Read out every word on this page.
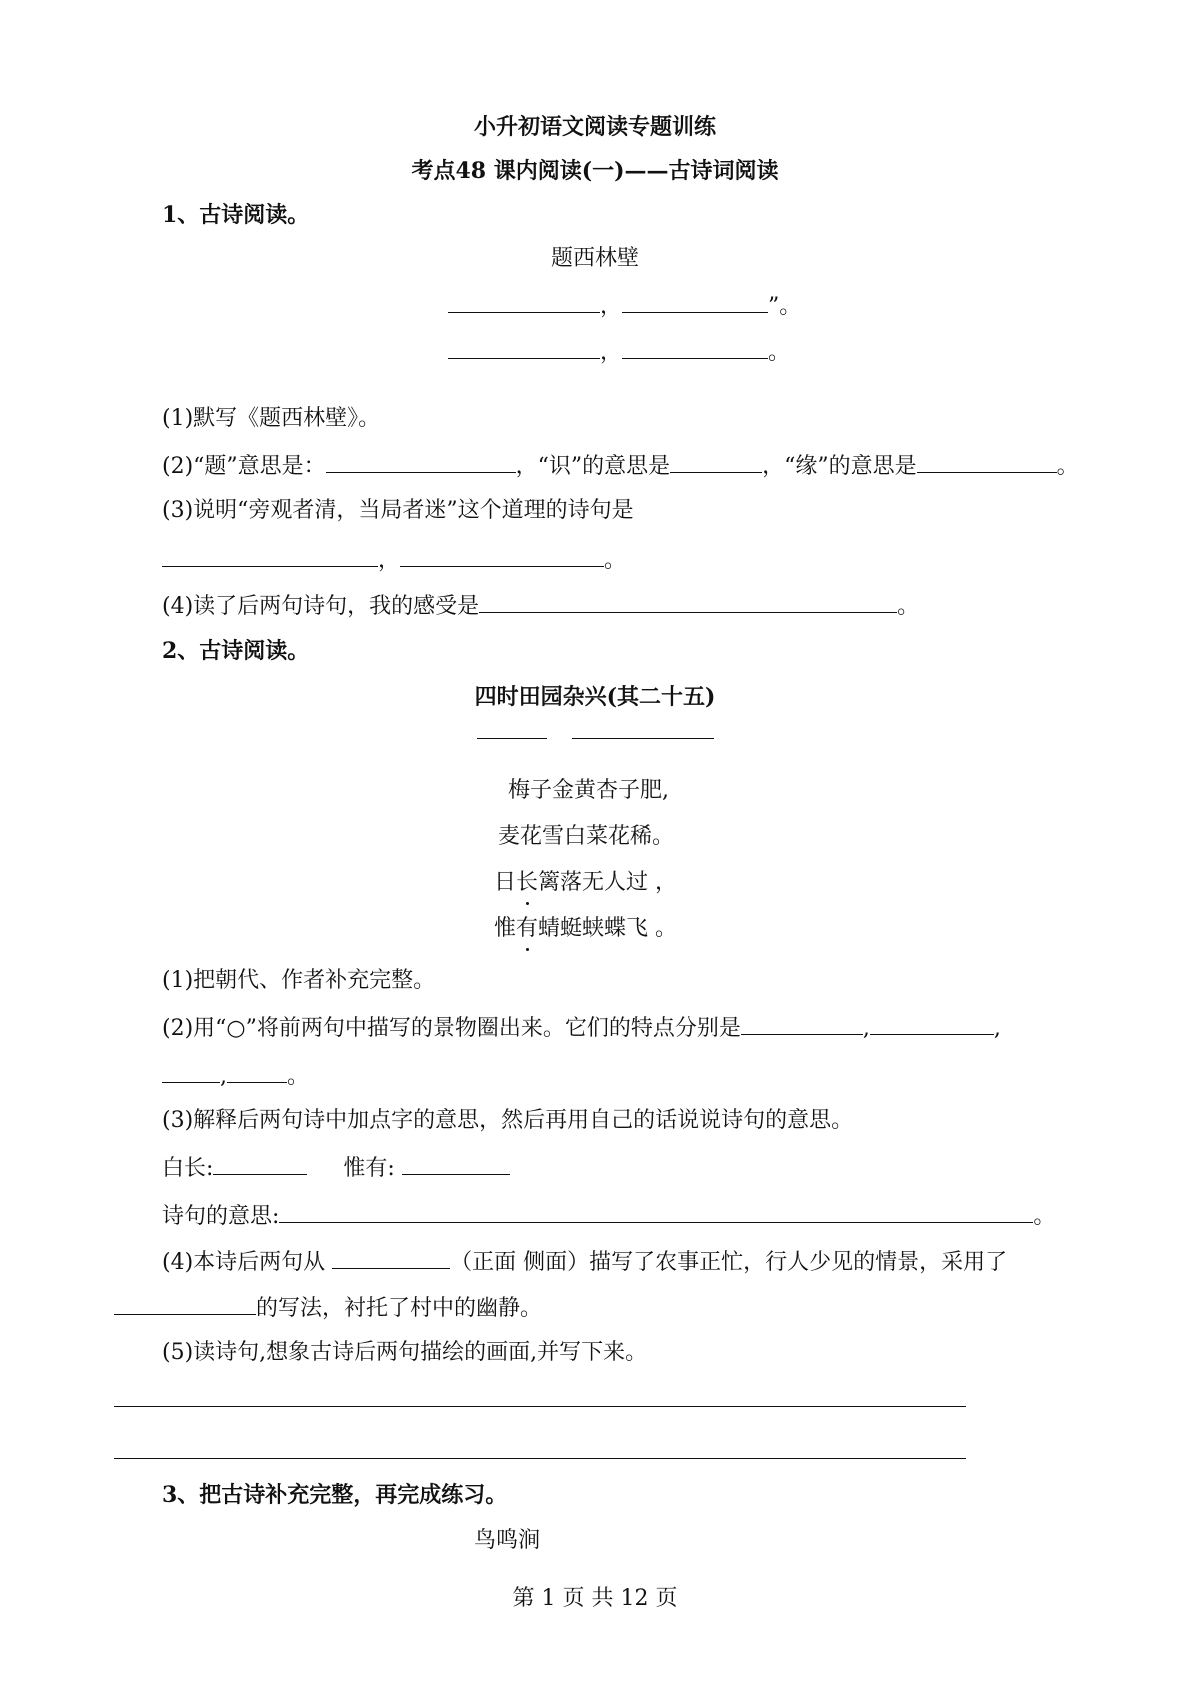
小升初语文阅读专题训练
考点48 课内阅读(一)——古诗词阅读
1、古诗阅读。
题西林壁
，	”。
，	。
(1)默写《题西林壁》。
(2)“题”意思是：	，“识”的意思是	，“缘”的意思是	。
(3)说明“旁观者清，当局者迷”这个道理的诗句是
，	。
(4)读了后两句诗句，我的感受是	。
2、古诗阅读。
四时田园杂兴(其二十五)
梅子金黄杏子肥,
麦花雪白菜花稀。
日长篱落无人过 ，
惟有蜻蜓蛱蝶飞 。
(1)把朝代、作者补充完整。
(2)用“○”将前两句中描写的景物圈出来。它们的特点分别是	,	,
,	。
(3)解释后两句诗中加点字的意思，然后再用自己的话说说诗句的意思。
白长:	惟有:
诗句的意思:	。
(4)本诗后两句从	（正面 侧面）描写了农事正忙，行人少见的情景，采用了
的写法，衬托了村中的幽静。
(5)读诗句,想象古诗后两句描绘的画面,并写下来。
3、把古诗补充完整，再完成练习。
鸟鸣涧
第 1 页 共 12 页
